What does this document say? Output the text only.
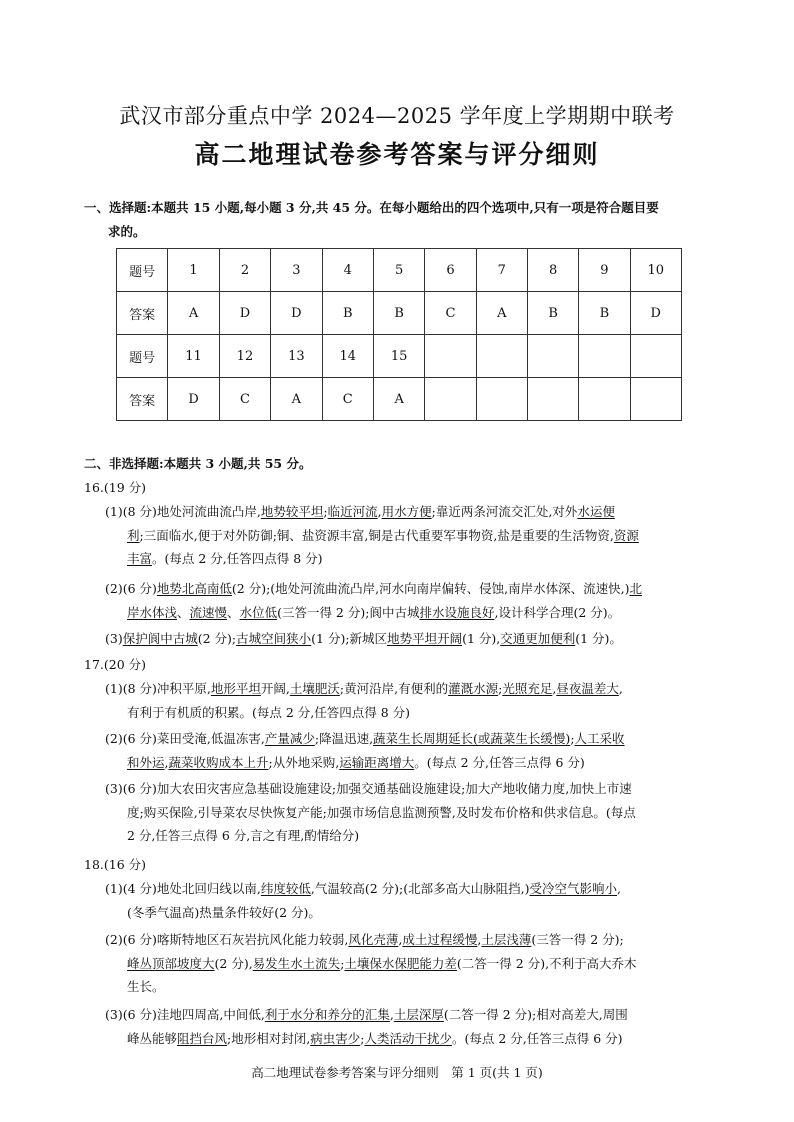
武汉市部分重点中学 2024—2025 学年度上学期期中联考
高二地理试卷参考答案与评分细则
一、选择题:本题共 15 小题,每小题 3 分,共 45 分。在每小题给出的四个选项中,只有一项是符合题目要
求的。
题号	1	2	3	4	5	6	7	8	9	10
答案	A	D	D	B	B	C	A	B	B	D
题号	11	12	13	14	15					
答案	D	C	A	C	A					
二、非选择题:本题共 3 小题,共 55 分。
16.(19 分)
(1)(8 分)地处河流曲流凸岸,地势较平坦;临近河流,用水方便;靠近两条河流交汇处,对外水运便
利;三面临水,便于对外防御;铜、盐资源丰富,铜是古代重要军事物资,盐是重要的生活物资,资源
丰富。(每点 2 分,任答四点得 8 分)
(2)(6 分)地势北高南低(2 分);(地处河流曲流凸岸,河水向南岸偏转、侵蚀,南岸水体深、流速快,)北
岸水体浅、流速慢、水位低(三答一得 2 分);阆中古城排水设施良好,设计科学合理(2 分)。
(3)保护阆中古城(2 分);古城空间狭小(1 分);新城区地势平坦开阔(1 分),交通更加便利(1 分)。
17.(20 分)
(1)(8 分)冲积平原,地形平坦开阔,土壤肥沃;黄河沿岸,有便利的灌溉水源;光照充足,昼夜温差大,
有利于有机质的积累。(每点 2 分,任答四点得 8 分)
(2)(6 分)菜田受淹,低温冻害,产量减少;降温迅速,蔬菜生长周期延长(或蔬菜生长缓慢);人工采收
和外运,蔬菜收购成本上升;从外地采购,运输距离增大。(每点 2 分,任答三点得 6 分)
(3)(6 分)加大农田灾害应急基础设施建设;加强交通基础设施建设;加大产地收储力度,加快上市速
度;购买保险,引导菜农尽快恢复产能;加强市场信息监测预警,及时发布价格和供求信息。(每点
2 分,任答三点得 6 分,言之有理,酌情给分)
18.(16 分)
(1)(4 分)地处北回归线以南,纬度较低,气温较高(2 分);(北部多高大山脉阻挡,)受冷空气影响小,
(冬季气温高)热量条件较好(2 分)。
(2)(6 分)喀斯特地区石灰岩抗风化能力较弱,风化壳薄,成土过程缓慢,土层浅薄(三答一得 2 分);
峰丛顶部坡度大(2 分),易发生水土流失;土壤保水保肥能力差(二答一得 2 分),不利于高大乔木
生长。
(3)(6 分)洼地四周高,中间低,利于水分和养分的汇集,土层深厚(二答一得 2 分);相对高差大,周围
峰丛能够阻挡台风;地形相对封闭,病虫害少;人类活动干扰少。(每点 2 分,任答三点得 6 分)
高二地理试卷参考答案与评分细则　第 1 页(共 1 页)
